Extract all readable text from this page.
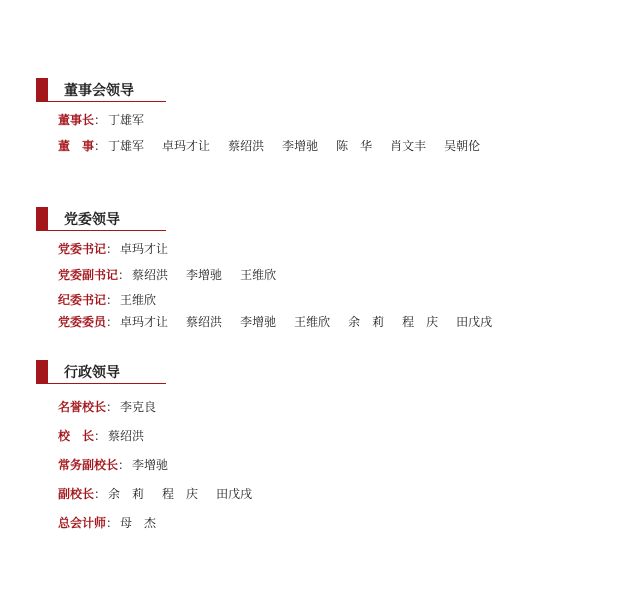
董事会领导
董事长： 丁雄军
董　事： 丁雄军 卓玛才让 蔡绍洪 李增驰 陈　华 肖文丰 吴朝伦
党委领导
党委书记： 卓玛才让
党委副书记： 蔡绍洪 李增驰 王维欣
纪委书记： 王维欣
党委委员： 卓玛才让 蔡绍洪 李增驰 王维欣 余　莉 程　庆 田戊戌
行政领导
名誉校长： 李克良
校　长： 蔡绍洪
常务副校长： 李增驰
副校长： 余　莉 程　庆 田戊戌
总会计师： 母　杰
